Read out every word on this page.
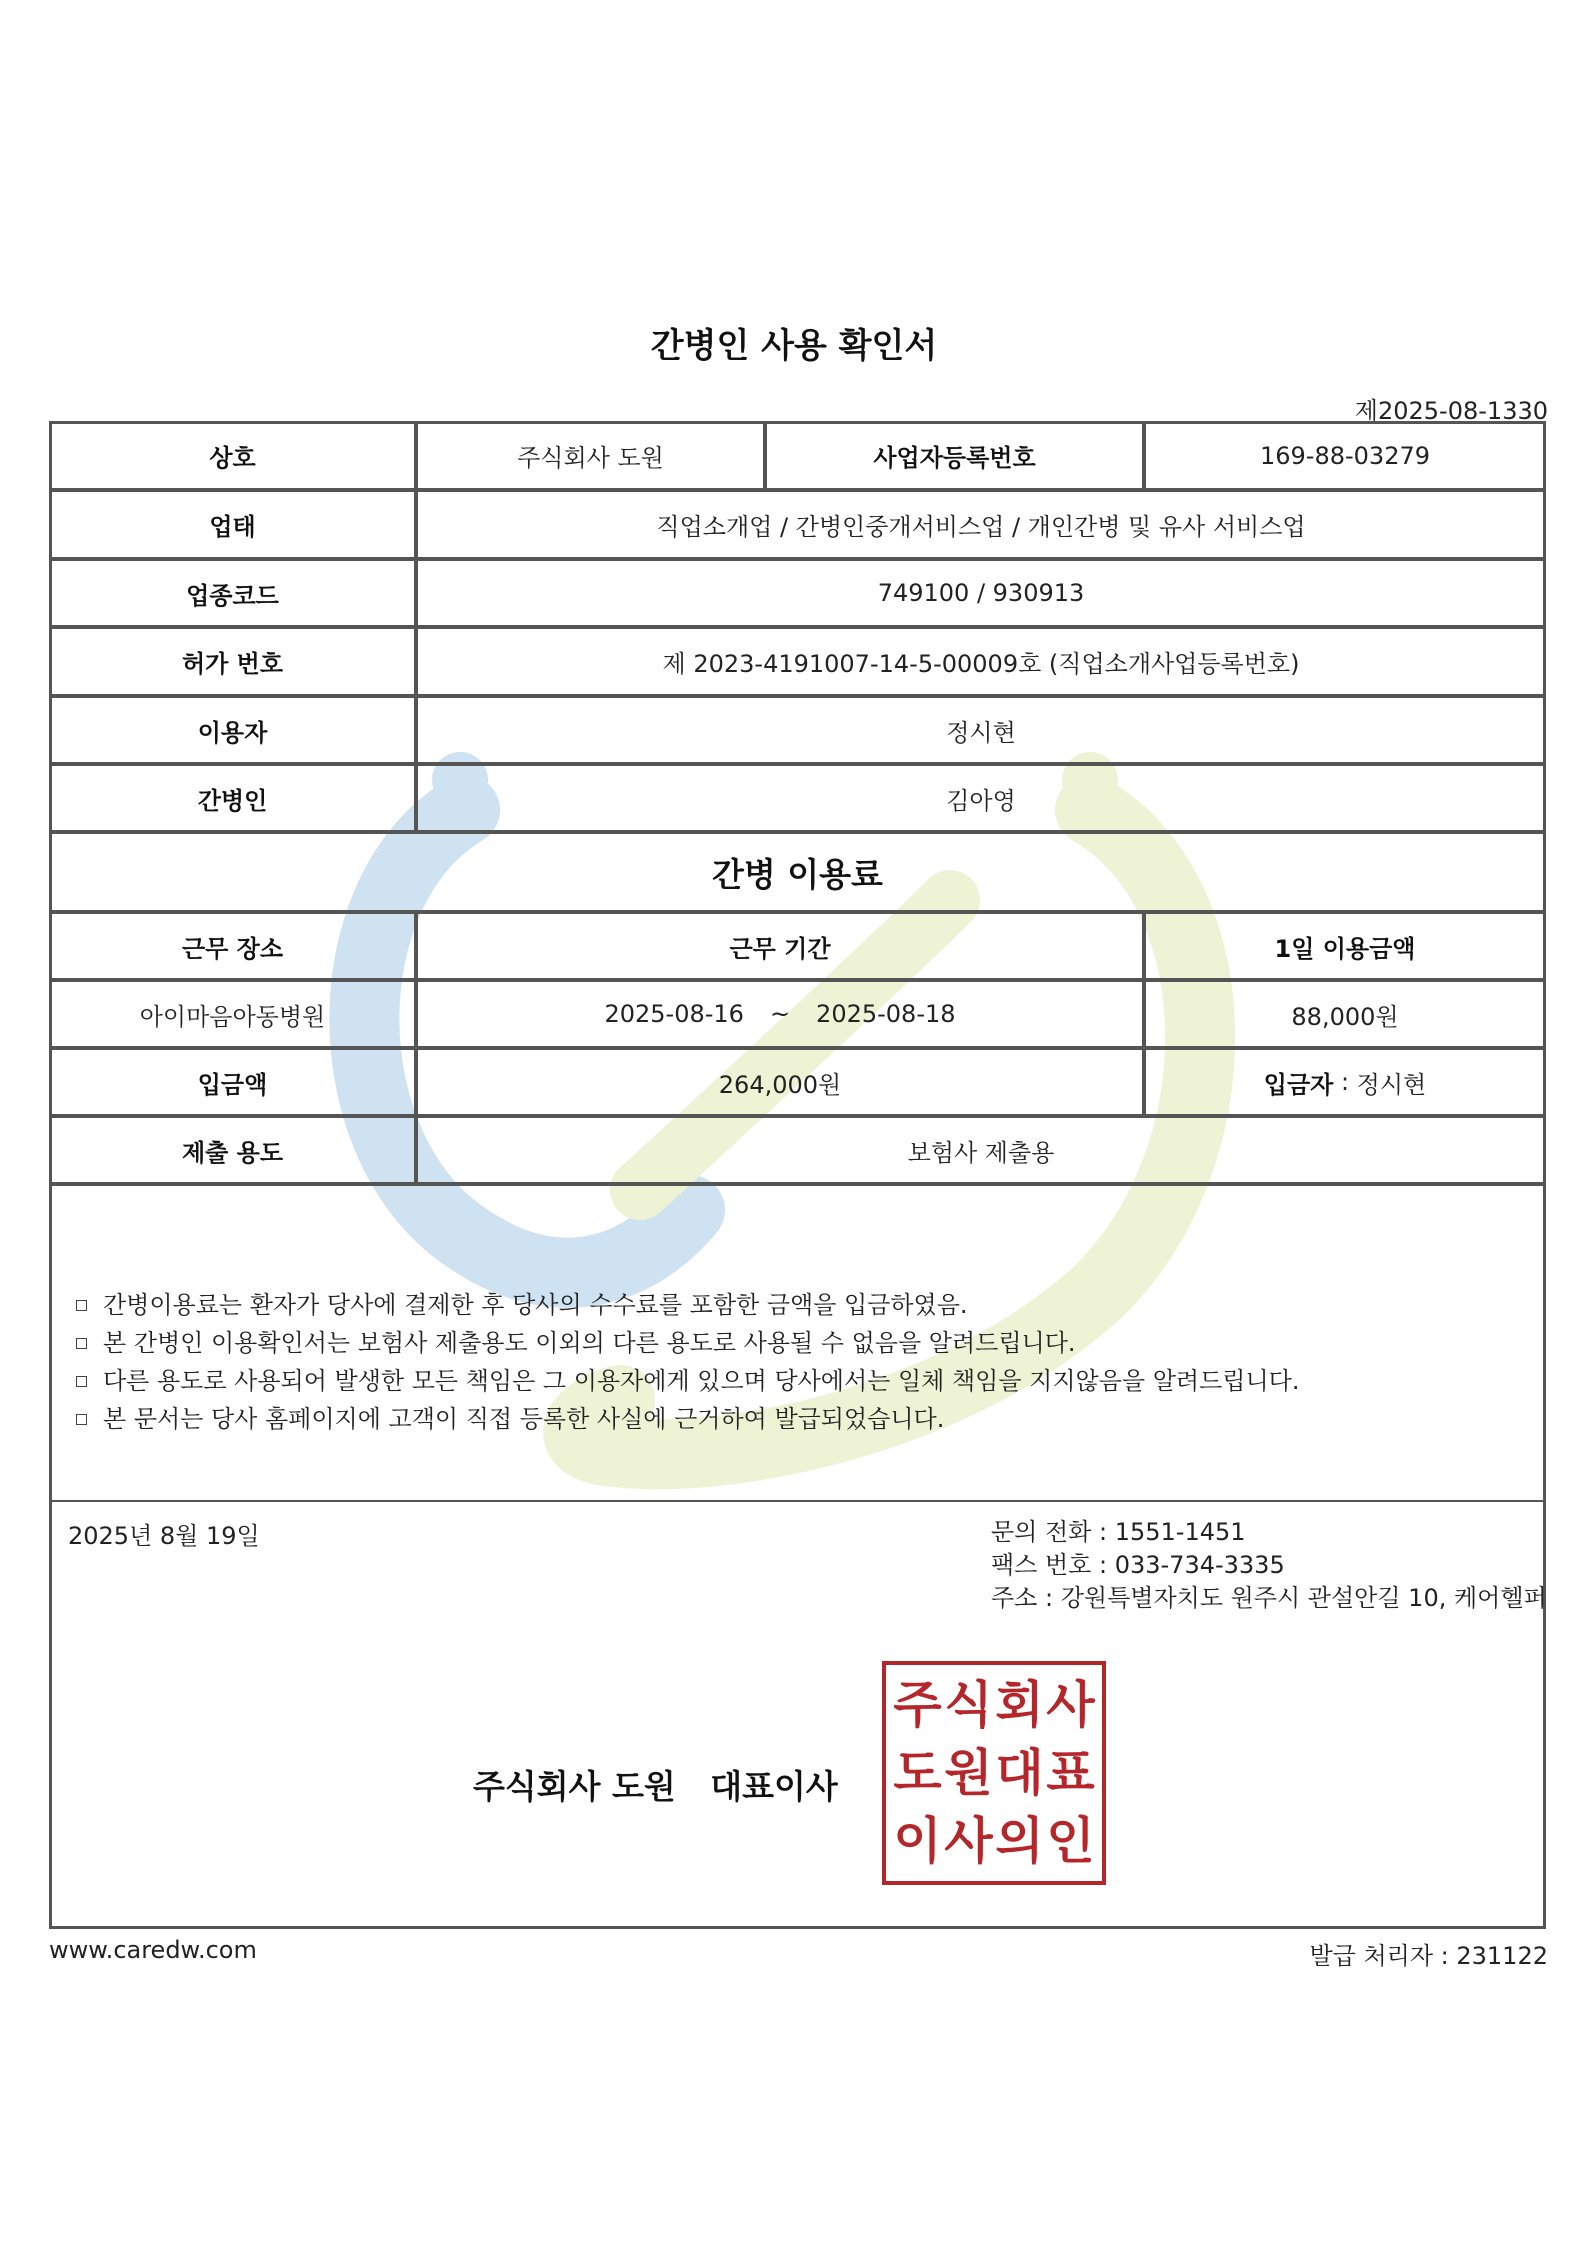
간병인 사용 확인서
제2025-08-1330
상호	주식회사 도원	사업자등록번호	169-88-03279
업태	직업소개업 / 간병인중개서비스업 / 개인간병 및 유사 서비스업
업종코드	749100 / 930913
허가 번호	제 2023-4191007-14-5-00009호 (직업소개사업등록번호)
이용자	정시현
간병인	김아영
간병 이용료
근무 장소	근무 기간	1일 이용금액
아이마음아동병원	2025-08-16 ~ 2025-08-18	88,000원
입금액	264,000원	입금자 : 정시현
제출 용도	보험사 제출용
간병이용료는 환자가 당사에 결제한 후 당사의 수수료를 포함한 금액을 입금하였음.
본 간병인 이용확인서는 보험사 제출용도 이외의 다른 용도로 사용될 수 없음을 알려드립니다.
다른 용도로 사용되어 발생한 모든 책임은 그 이용자에게 있으며 당사에서는 일체 책임을 지지않음을 알려드립니다.
본 문서는 당사 홈페이지에 고객이 직접 등록한 사실에 근거하여 발급되었습니다.
2025년 8월 19일	문의 전화 : 1551-1451
팩스 번호 : 033-734-3335
주소 : 강원특별자치도 원주시 관설안길 10, 케어헬퍼
주식회사 도원   대표이사
주 식 회 사
도 원 대 표
이 사 의 인
www.caredw.com	발급 처리자 : 231122
